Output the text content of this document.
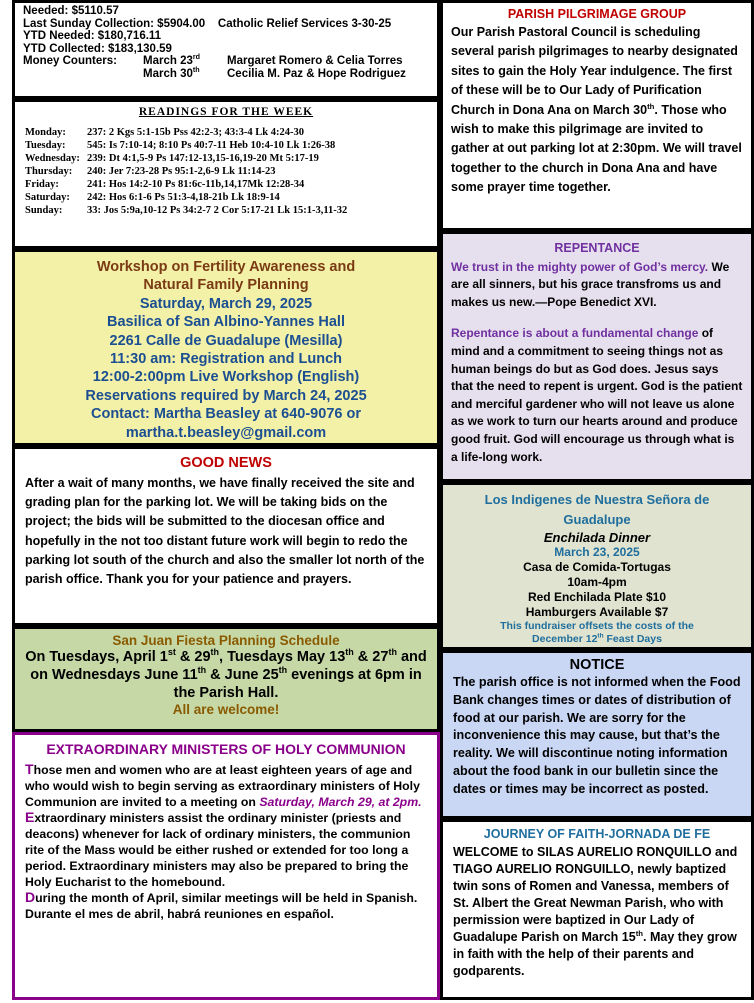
Needed: $5110.57
Last Sunday Collection: $5904.00    Catholic Relief Services 3-30-25
YTD Needed: $180,716.11
YTD Collected: $183,130.59
Money Counters:	March 23rd	Margaret Romero & Celia Torres
March 30th	Cecilia M. Paz & Hope Rodriguez
READINGS FOR THE WEEK
Monday:	237: 2 Kgs 5:1-15b Pss 42:2-3; 43:3-4 Lk 4:24-30
Tuesday:	545: Is 7:10-14; 8:10 Ps 40:7-11 Heb 10:4-10 Lk 1:26-38
Wednesday: 239: Dt 4:1,5-9 Ps 147:12-13,15-16,19-20 Mt 5:17-19
Thursday:	240: Jer 7:23-28 Ps 95:1-2,6-9 Lk 11:14-23
Friday:	241: Hos 14:2-10 Ps 81:6c-11b,14,17Mk 12:28-34
Saturday:	242: Hos 6:1-6 Ps 51:3-4,18-21b Lk 18:9-14
Sunday:	33: Jos 5:9a,10-12 Ps 34:2-7 2 Cor 5:17-21 Lk 15:1-3,11-32
Workshop on Fertility Awareness and
Natural Family Planning
Saturday, March 29, 2025
Basilica of San Albino-Yannes Hall
2261 Calle de Guadalupe (Mesilla)
11:30 am: Registration and Lunch
12:00-2:00pm Live Workshop (English)
Reservations required by March 24, 2025
Contact: Martha Beasley at 640-9076 or
martha.t.beasley@gmail.com
GOOD NEWS

After a wait of many months, we have finally received the site and grading plan for the parking lot. We will be taking bids on the project; the bids will be submitted to the diocesan office and hopefully in the not too distant future work will begin to redo the parking lot south of the church and also the smaller lot north of the parish office. Thank you for your patience and prayers.

San Juan Fiesta Planning Schedule
On Tuesdays, April 1st & 29th, Tuesdays May 13th & 27th and on Wednesdays June 11th & June 25th evenings at 6pm in the Parish Hall.
All are welcome!
EXTRAORDINARY MINISTERS OF HOLY COMMUNION
Those men and women who are at least eighteen years of age and who would wish to begin serving as extraordinary ministers of Holy Communion are invited to a meeting on Saturday, March 29, at 2pm.
Extraordinary ministers assist the ordinary minister (priests and deacons) whenever for lack of ordinary ministers, the communion rite of the Mass would be either rushed or extended for too long a period. Extraordinary ministers may also be prepared to bring the Holy Eucharist to the homebound.
During the month of April, similar meetings will be held in Spanish. Durante el mes de abril, habrá reuniones en español.
PARISH PILGRIMAGE GROUP

Our Parish Pastoral Council is scheduling several parish pilgrimages to nearby designated sites to gain the Holy Year indulgence. The first of these will be to Our Lady of Purification Church in Dona Ana on March 30th. Those who wish to make this pilgrimage are invited to gather at out parking lot at 2:30pm. We will travel together to the church in Dona Ana and have some prayer time together.

REPENTANCE
We trust in the mighty power of God’s mercy. We are all sinners, but his grace transfroms us and makes us new.—Pope Benedict XVI.
Repentance is about a fundamental change of mind and a commitment to seeing things not as human beings do but as God does. Jesus says that the need to repent is urgent. God is the patient and merciful gardener who will not leave us alone as we work to turn our hearts around and produce good fruit. God will encourage us through what is a life-long work.
Los Indigenes de Nuestra Señora de Guadalupe
Enchilada Dinner
March 23, 2025
Casa de Comida-Tortugas
10am-4pm
Red Enchilada Plate $10
Hamburgers Available $7
This fundraiser offsets the costs of the
December 12th Feast Days
NOTICE

The parish office is not informed when the Food Bank changes times or dates of distribution of food at our parish. We are sorry for the inconvenience this may cause, but that’s the reality. We will discontinue noting information about the food bank in our bulletin since the dates or times may be incorrect as posted.

JOURNEY OF FAITH-JORNADA DE FE
WELCOME to SILAS AURELIO RONQUILLO and TIAGO AURELIO RONGUILLO, newly baptized twin sons of Romen and Vanessa, members of St. Albert the Great Newman Parish, who with permission were baptized in Our Lady of Guadalupe Parish on March 15th. May they grow in faith with the help of their parents and godparents.
